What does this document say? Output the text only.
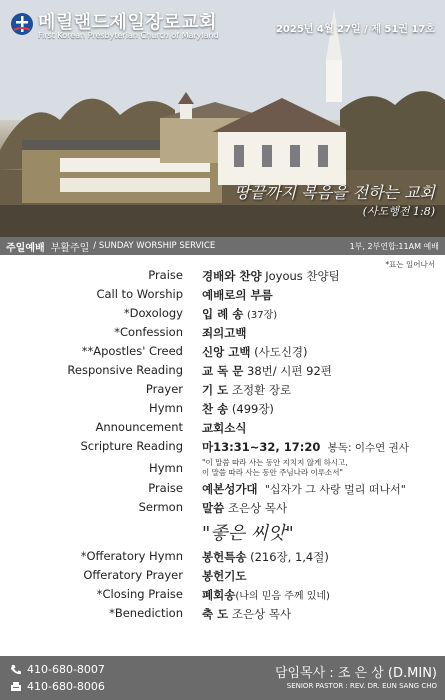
메릴랜드제일장로교회
First Korean Presbyterian Church of Maryland
2025년 4월 27일 / 제 51권 17호
땅끝까지 복음을 전하는 교회
(사도행전 1:8)
주일예배 부활주일 / SUNDAY WORSHIP SERVICE	1부, 2부연합:11AM 예배
*표는 일어나서
Praise 경배와 찬양 Joyous 찬양팀
Call to Worship 예배로의 부름
*Doxology 입 례 송 (37장)
*Confession 죄의고백
**Apostles' Creed 신앙 고백 (사도신경)
Responsive Reading 교 독 문 38번/ 시편 92편
Prayer 기 도 조정환 장로
Hymn 찬 송 (499장)
Announcement 교회소식
Scripture Reading 마13:31~32, 17:20 봉독: 이수연 권사
Hymn	"이 말씀 따라 사는 동안 지치지 않게 하시고,
이 말씀 따라 사는 동안 주님나라 이루소서"
Praise 예본성가대 "십자가 그 사랑 멀리 떠나서"
Sermon 말씀 조은상 목사
"좋은 씨앗"
*Offeratory Hymn 봉헌특송 (216장, 1,4절)
Offeratory Prayer 봉헌기도
*Closing Praise 폐회송(나의 믿음 주께 있네)
*Benediction 축 도 조은상 목사
410-680-8007
410-680-8006
담임목사 : 조 은 상 (D.MIN)
SENIOR PASTOR : REV. DR. EUN SANG CHO
